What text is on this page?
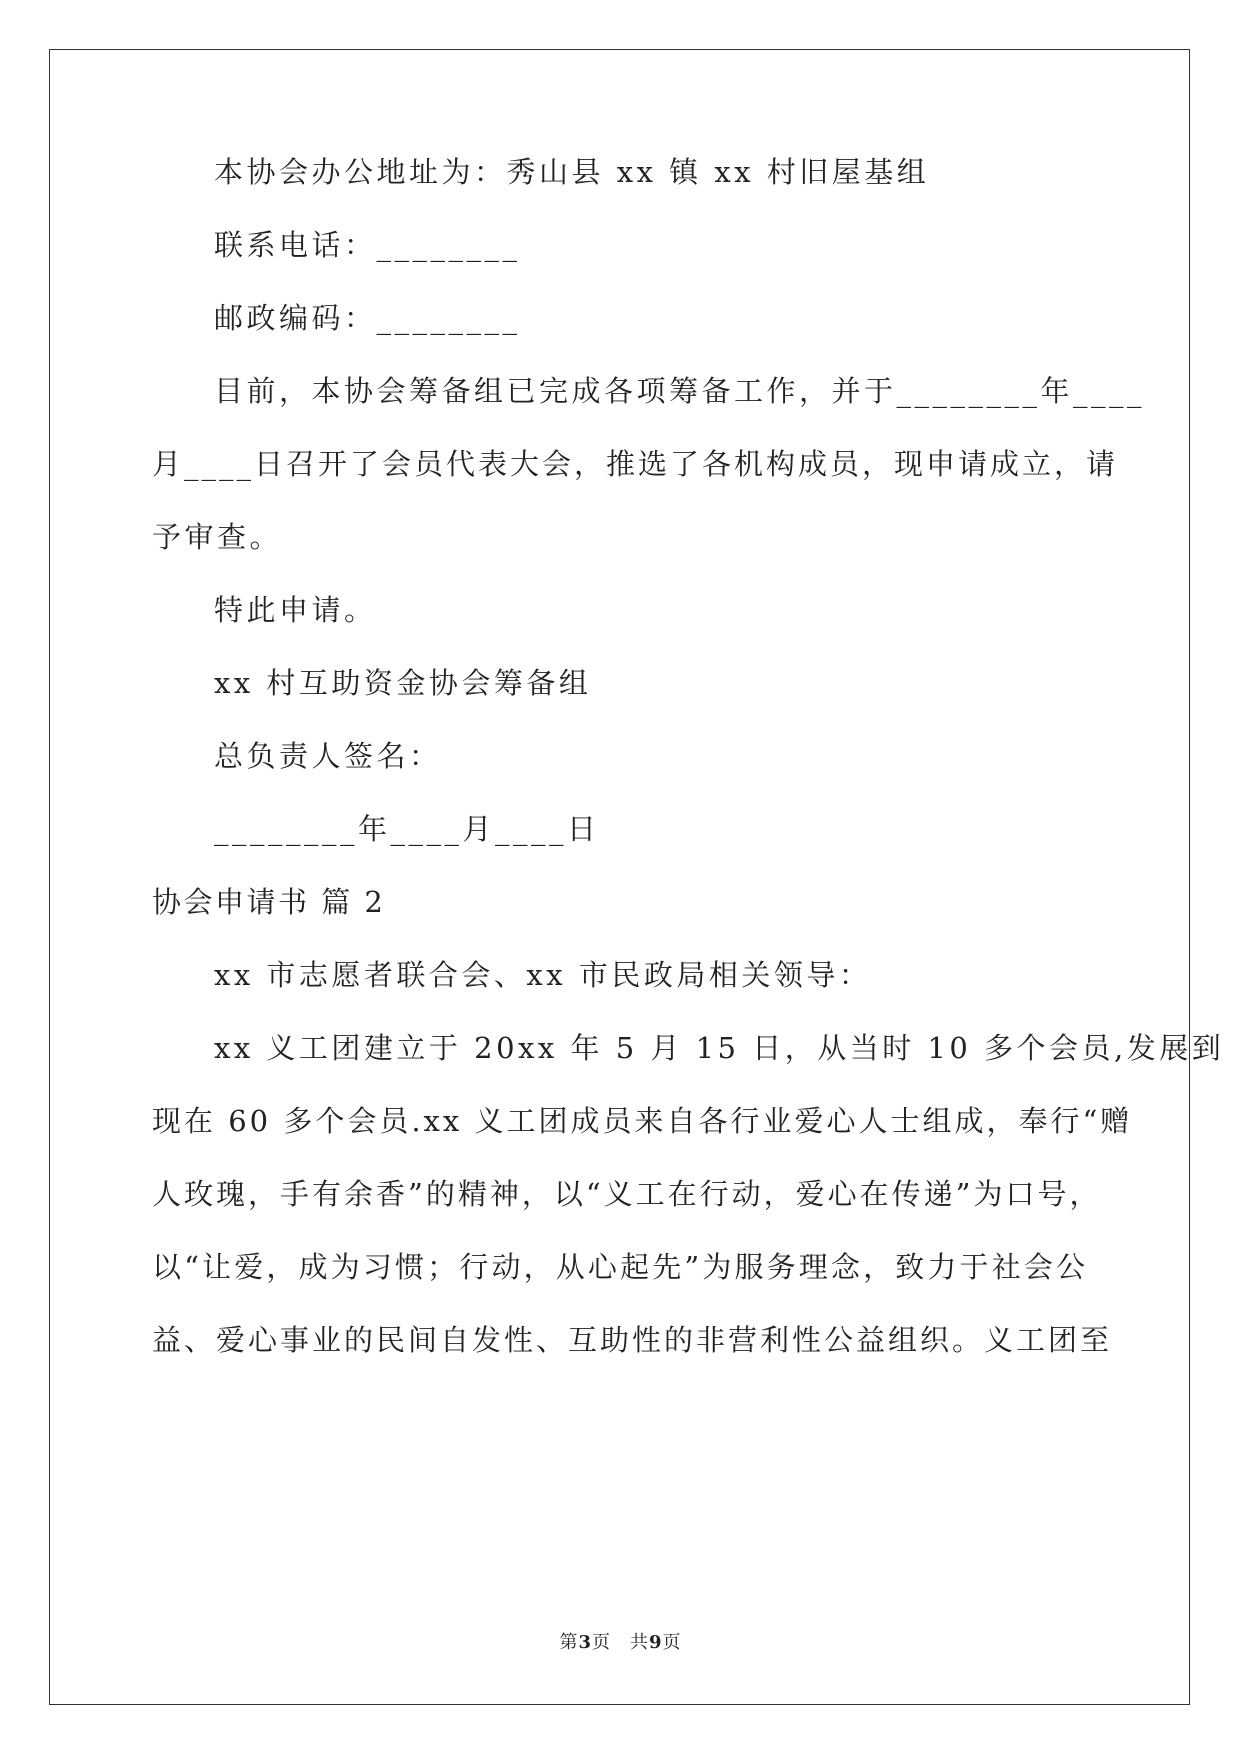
本协会办公地址为：秀山县 xx 镇 xx 村旧屋基组
联系电话：________
邮政编码：________
目前，本协会筹备组已完成各项筹备工作，并于________年____
月____日召开了会员代表大会，推选了各机构成员，现申请成立，请
予审查。
特此申请。
xx 村互助资金协会筹备组
总负责人签名：
________年____月____日
协会申请书 篇 2
xx 市志愿者联合会、xx 市民政局相关领导：
xx 义工团建立于 20xx 年 5 月 15 日，从当时 10 多个会员,发展到
现在 60 多个会员.xx 义工团成员来自各行业爱心人士组成，奉行“赠
人玫瑰，手有余香”的精神，以“义工在行动，爱心在传递”为口号，
以“让爱，成为习惯；行动，从心起先”为服务理念，致力于社会公
益、爱心事业的民间自发性、互助性的非营利性公益组织。义工团至
第3页　共9页
